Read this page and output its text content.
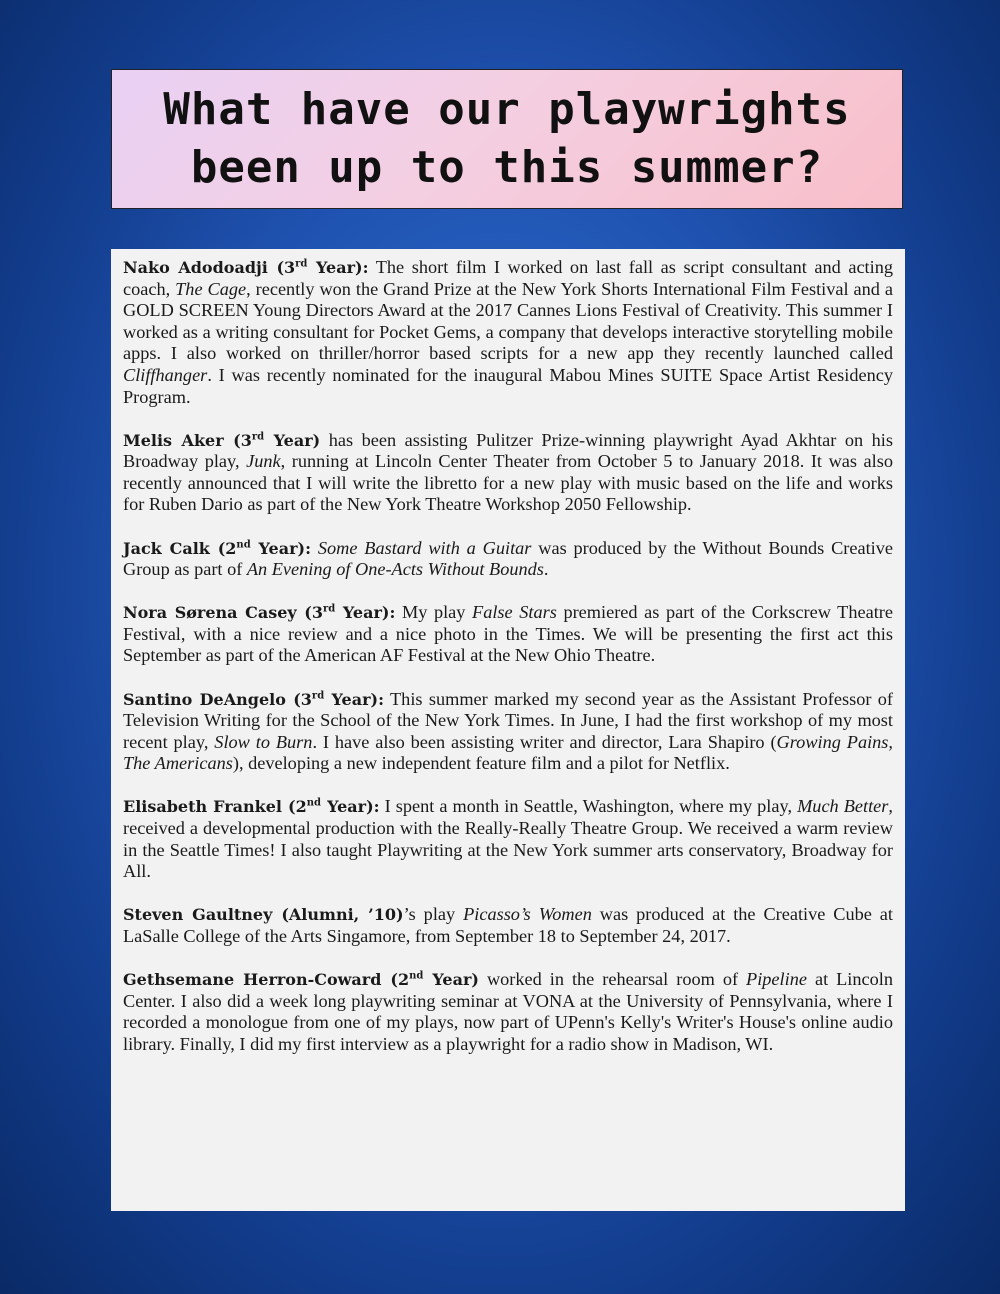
What have our playwrights
been up to this summer?

Nako Adodoadji (3rd Year): The short film I worked on last fall as script consultant and acting coach, The Cage, recently won the Grand Prize at the New York Shorts International Film Festival and a GOLD SCREEN Young Directors Award at the 2017 Cannes Lions Festival of Creativity. This summer I worked as a writing consultant for Pocket Gems, a company that develops interactive storytelling mobile apps. I also worked on thriller/horror based scripts for a new app they recently launched called Cliffhanger. I was recently nominated for the inaugural Mabou Mines SUITE Space Artist Residency Program.

Melis Aker (3rd Year) has been assisting Pulitzer Prize-winning playwright Ayad Akhtar on his Broadway play, Junk, running at Lincoln Center Theater from October 5 to January 2018. It was also recently announced that I will write the libretto for a new play with music based on the life and works for Ruben Dario as part of the New York Theatre Workshop 2050 Fellowship.

Jack Calk (2nd Year): Some Bastard with a Guitar was produced by the Without Bounds Creative Group as part of An Evening of One-Acts Without Bounds.

Nora Sørena Casey (3rd Year): My play False Stars premiered as part of the Corkscrew Theatre Festival, with a nice review and a nice photo in the Times. We will be presenting the first act this September as part of the American AF Festival at the New Ohio Theatre.

Santino DeAngelo (3rd Year): This summer marked my second year as the Assistant Professor of Television Writing for the School of the New York Times. In June, I had the first workshop of my most recent play, Slow to Burn. I have also been assisting writer and director, Lara Shapiro (Growing Pains, The Americans), developing a new independent feature film and a pilot for Netflix.

Elisabeth Frankel (2nd Year): I spent a month in Seattle, Washington, where my play, Much Better, received a developmental production with the Really-Really Theatre Group. We received a warm review in the Seattle Times! I also taught Playwriting at the New York summer arts conservatory, Broadway for All.

Steven Gaultney (Alumni, ’10)’s play Picasso’s Women was produced at the Creative Cube at LaSalle College of the Arts Singamore, from September 18 to September 24, 2017.

Gethsemane Herron-Coward (2nd Year) worked in the rehearsal room of Pipeline at Lincoln Center. I also did a week long playwriting seminar at VONA at the University of Pennsylvania, where I recorded a monologue from one of my plays, now part of UPenn's Kelly's Writer's House's online audio library. Finally, I did my first interview as a playwright for a radio show in Madison, WI.
